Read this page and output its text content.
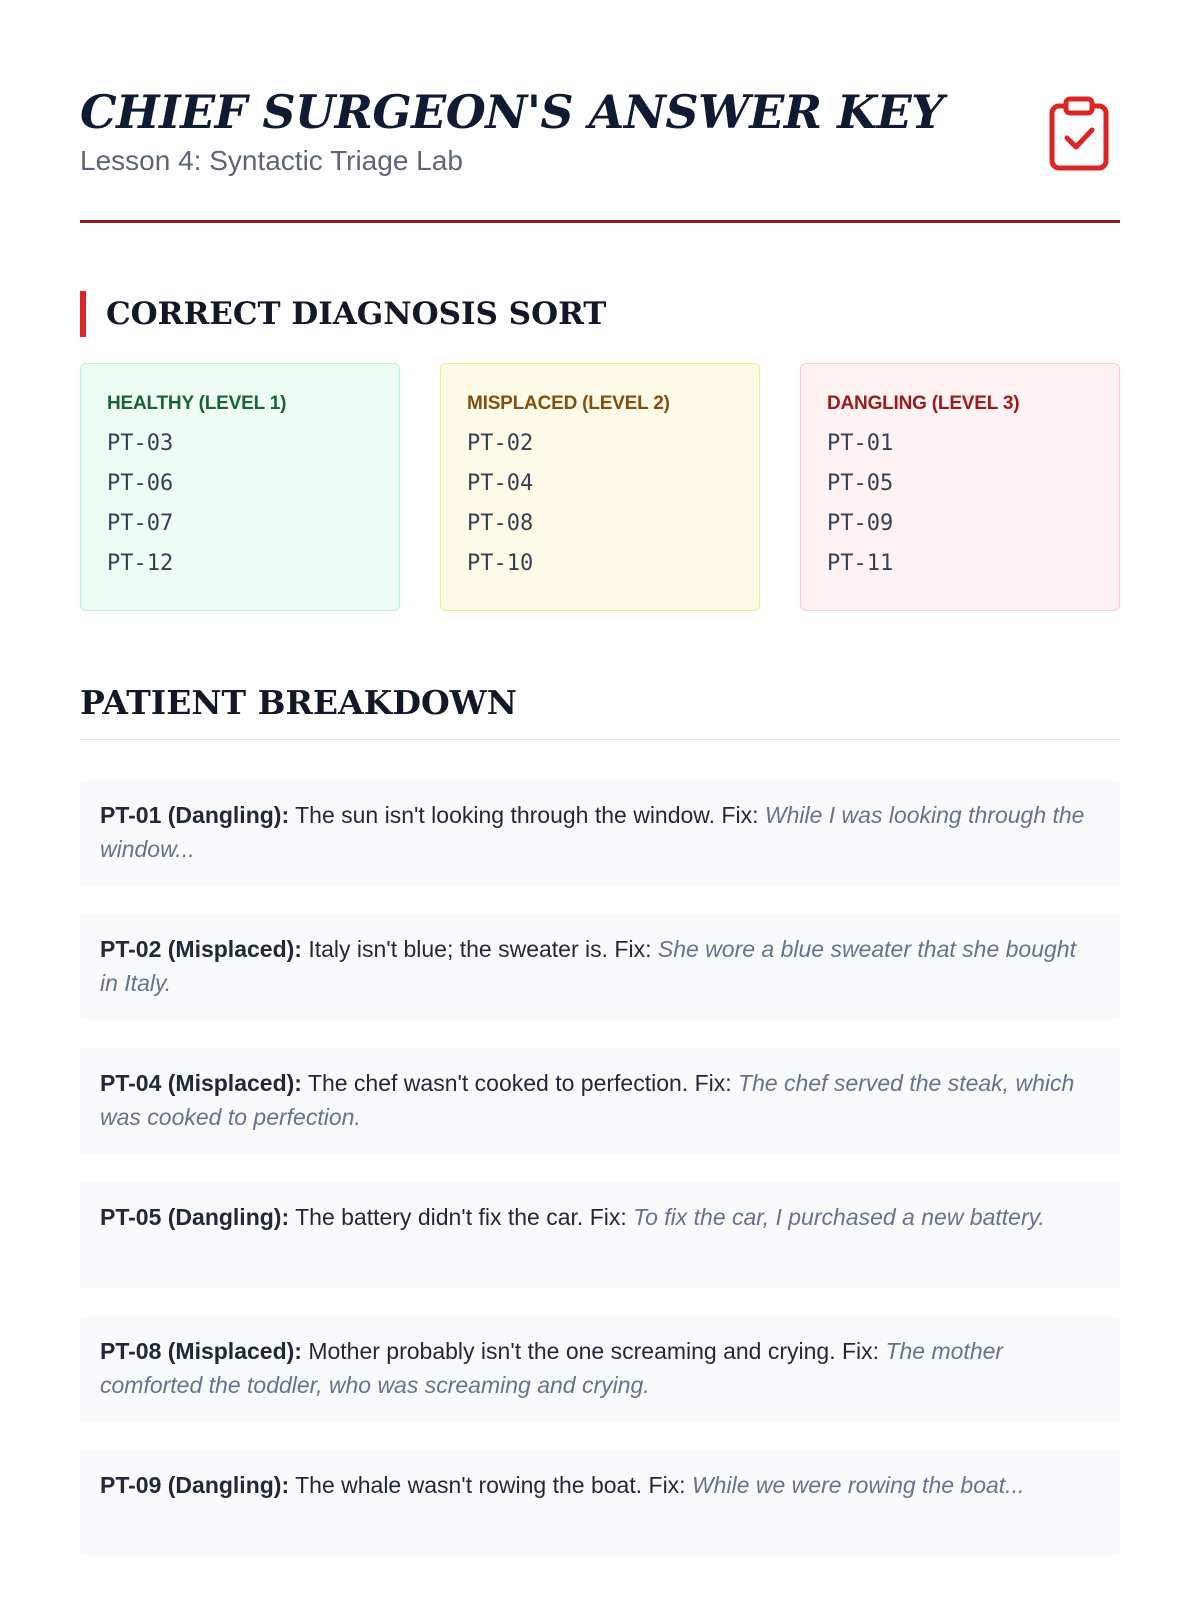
CHIEF SURGEON'S ANSWER KEY
Lesson 4: Syntactic Triage Lab
CORRECT DIAGNOSIS SORT
HEALTHY (LEVEL 1)
PT-03
PT-06
PT-07
PT-12
MISPLACED (LEVEL 2)
PT-02
PT-04
PT-08
PT-10
DANGLING (LEVEL 3)
PT-01
PT-05
PT-09
PT-11
PATIENT BREAKDOWN
PT-01 (Dangling): The sun isn't looking through the window. Fix: While I was looking through the window...
PT-02 (Misplaced): Italy isn't blue; the sweater is. Fix: She wore a blue sweater that she bought in Italy.
PT-04 (Misplaced): The chef wasn't cooked to perfection. Fix: The chef served the steak, which was cooked to perfection.
PT-05 (Dangling): The battery didn't fix the car. Fix: To fix the car, I purchased a new battery.
PT-08 (Misplaced): Mother probably isn't the one screaming and crying. Fix: The mother comforted the toddler, who was screaming and crying.
PT-09 (Dangling): The whale wasn't rowing the boat. Fix: While we were rowing the boat...
